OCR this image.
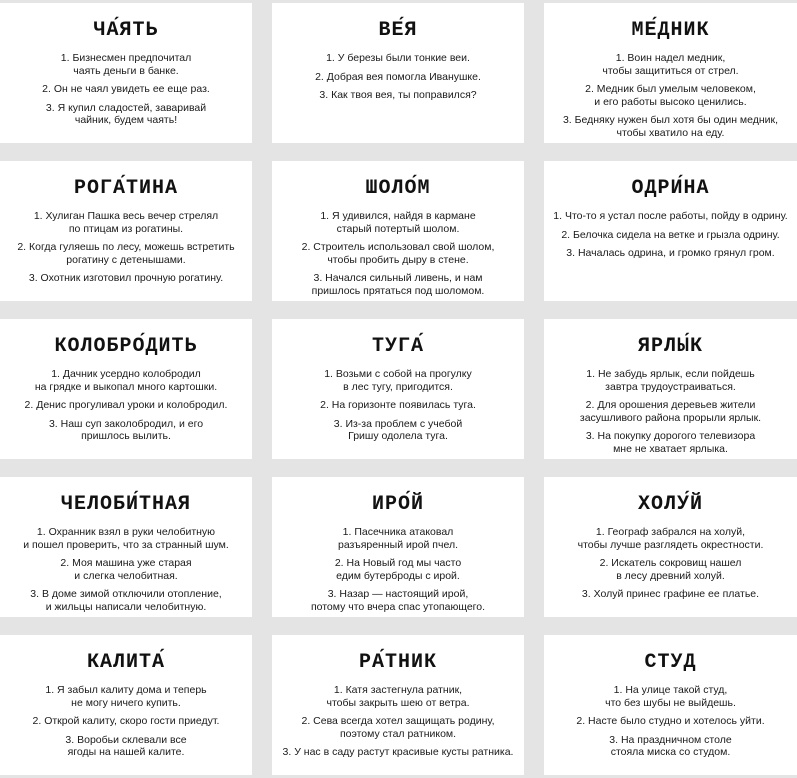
ЧА́ЯТЬ
1. Бизнесмен предпочитал
чаять деньги в банке.
2. Он не чаял увидеть ее еще раз.
3. Я купил сладостей, заваривай
чайник, будем чаять!
ВЕ́Я
1. У березы были тонкие веи.
2. Добрая вея помогла Иванушке.
3. Как твоя вея, ты поправился?
МЕ́ДНИК
1. Воин надел медник,
чтобы защититься от стрел.
2. Медник был умелым человеком,
и его работы высоко ценились.
3. Бедняку нужен был хотя бы один медник,
чтобы хватило на еду.
РОГА́ТИНА
1. Хулиган Пашка весь вечер стрелял
по птицам из рогатины.
2. Когда гуляешь по лесу, можешь встретить
рогатину с детенышами.
3. Охотник изготовил прочную рогатину.
ШОЛО́М
1. Я удивился, найдя в кармане
старый потертый шолом.
2. Строитель использовал свой шолом,
чтобы пробить дыру в стене.
3. Начался сильный ливень, и нам
пришлось прятаться под шоломом.
ОДРИ́НА
1. Что-то я устал после работы, пойду в одрину.
2. Белочка сидела на ветке и грызла одрину.
3. Началась одрина, и громко грянул гром.
КОЛОБРО́ДИТЬ
1. Дачник усердно колобродил
на грядке и выкопал много картошки.
2. Денис прогуливал уроки и колобродил.
3. Наш суп заколобродил, и его
пришлось вылить.
ТУГА́
1. Возьми с собой на прогулку
в лес тугу, пригодится.
2. На горизонте появилась туга.
3. Из-за проблем с учебой
Гришу одолела туга.
ЯРЛЫ́К
1. Не забудь ярлык, если пойдешь
завтра трудоустраиваться.
2. Для орошения деревьев жители
засушливого района прорыли ярлык.
3. На покупку дорогого телевизора
мне не хватает ярлыка.
ЧЕЛОБИ́ТНАЯ
1. Охранник взял в руки челобитную
и пошел проверить, что за странный шум.
2. Моя машина уже старая
и слегка челобитная.
3. В доме зимой отключили отопление,
и жильцы написали челобитную.
ИРО́Й
1. Пасечника атаковал
разъяренный ирой пчел.
2. На Новый год мы часто
едим бутерброды с ирой.
3. Назар — настоящий ирой,
потому что вчера спас утопающего.
ХОЛУ́Й
1. Географ забрался на холуй,
чтобы лучше разглядеть окрестности.
2. Искатель сокровищ нашел
в лесу древний холуй.
3. Холуй принес графине ее платье.
КАЛИТА́
1. Я забыл калиту дома и теперь
не могу ничего купить.
2. Открой калиту, скоро гости приедут.
3. Воробьи склевали все
ягоды на нашей калите.
РА́ТНИК
1. Катя застегнула ратник,
чтобы закрыть шею от ветра.
2. Сева всегда хотел защищать родину,
поэтому стал ратником.
3. У нас в саду растут красивые кусты ратника.
СТУД
1. На улице такой студ,
что без шубы не выйдешь.
2. Насте было студно и хотелось уйти.
3. На праздничном столе
стояла миска со студом.
